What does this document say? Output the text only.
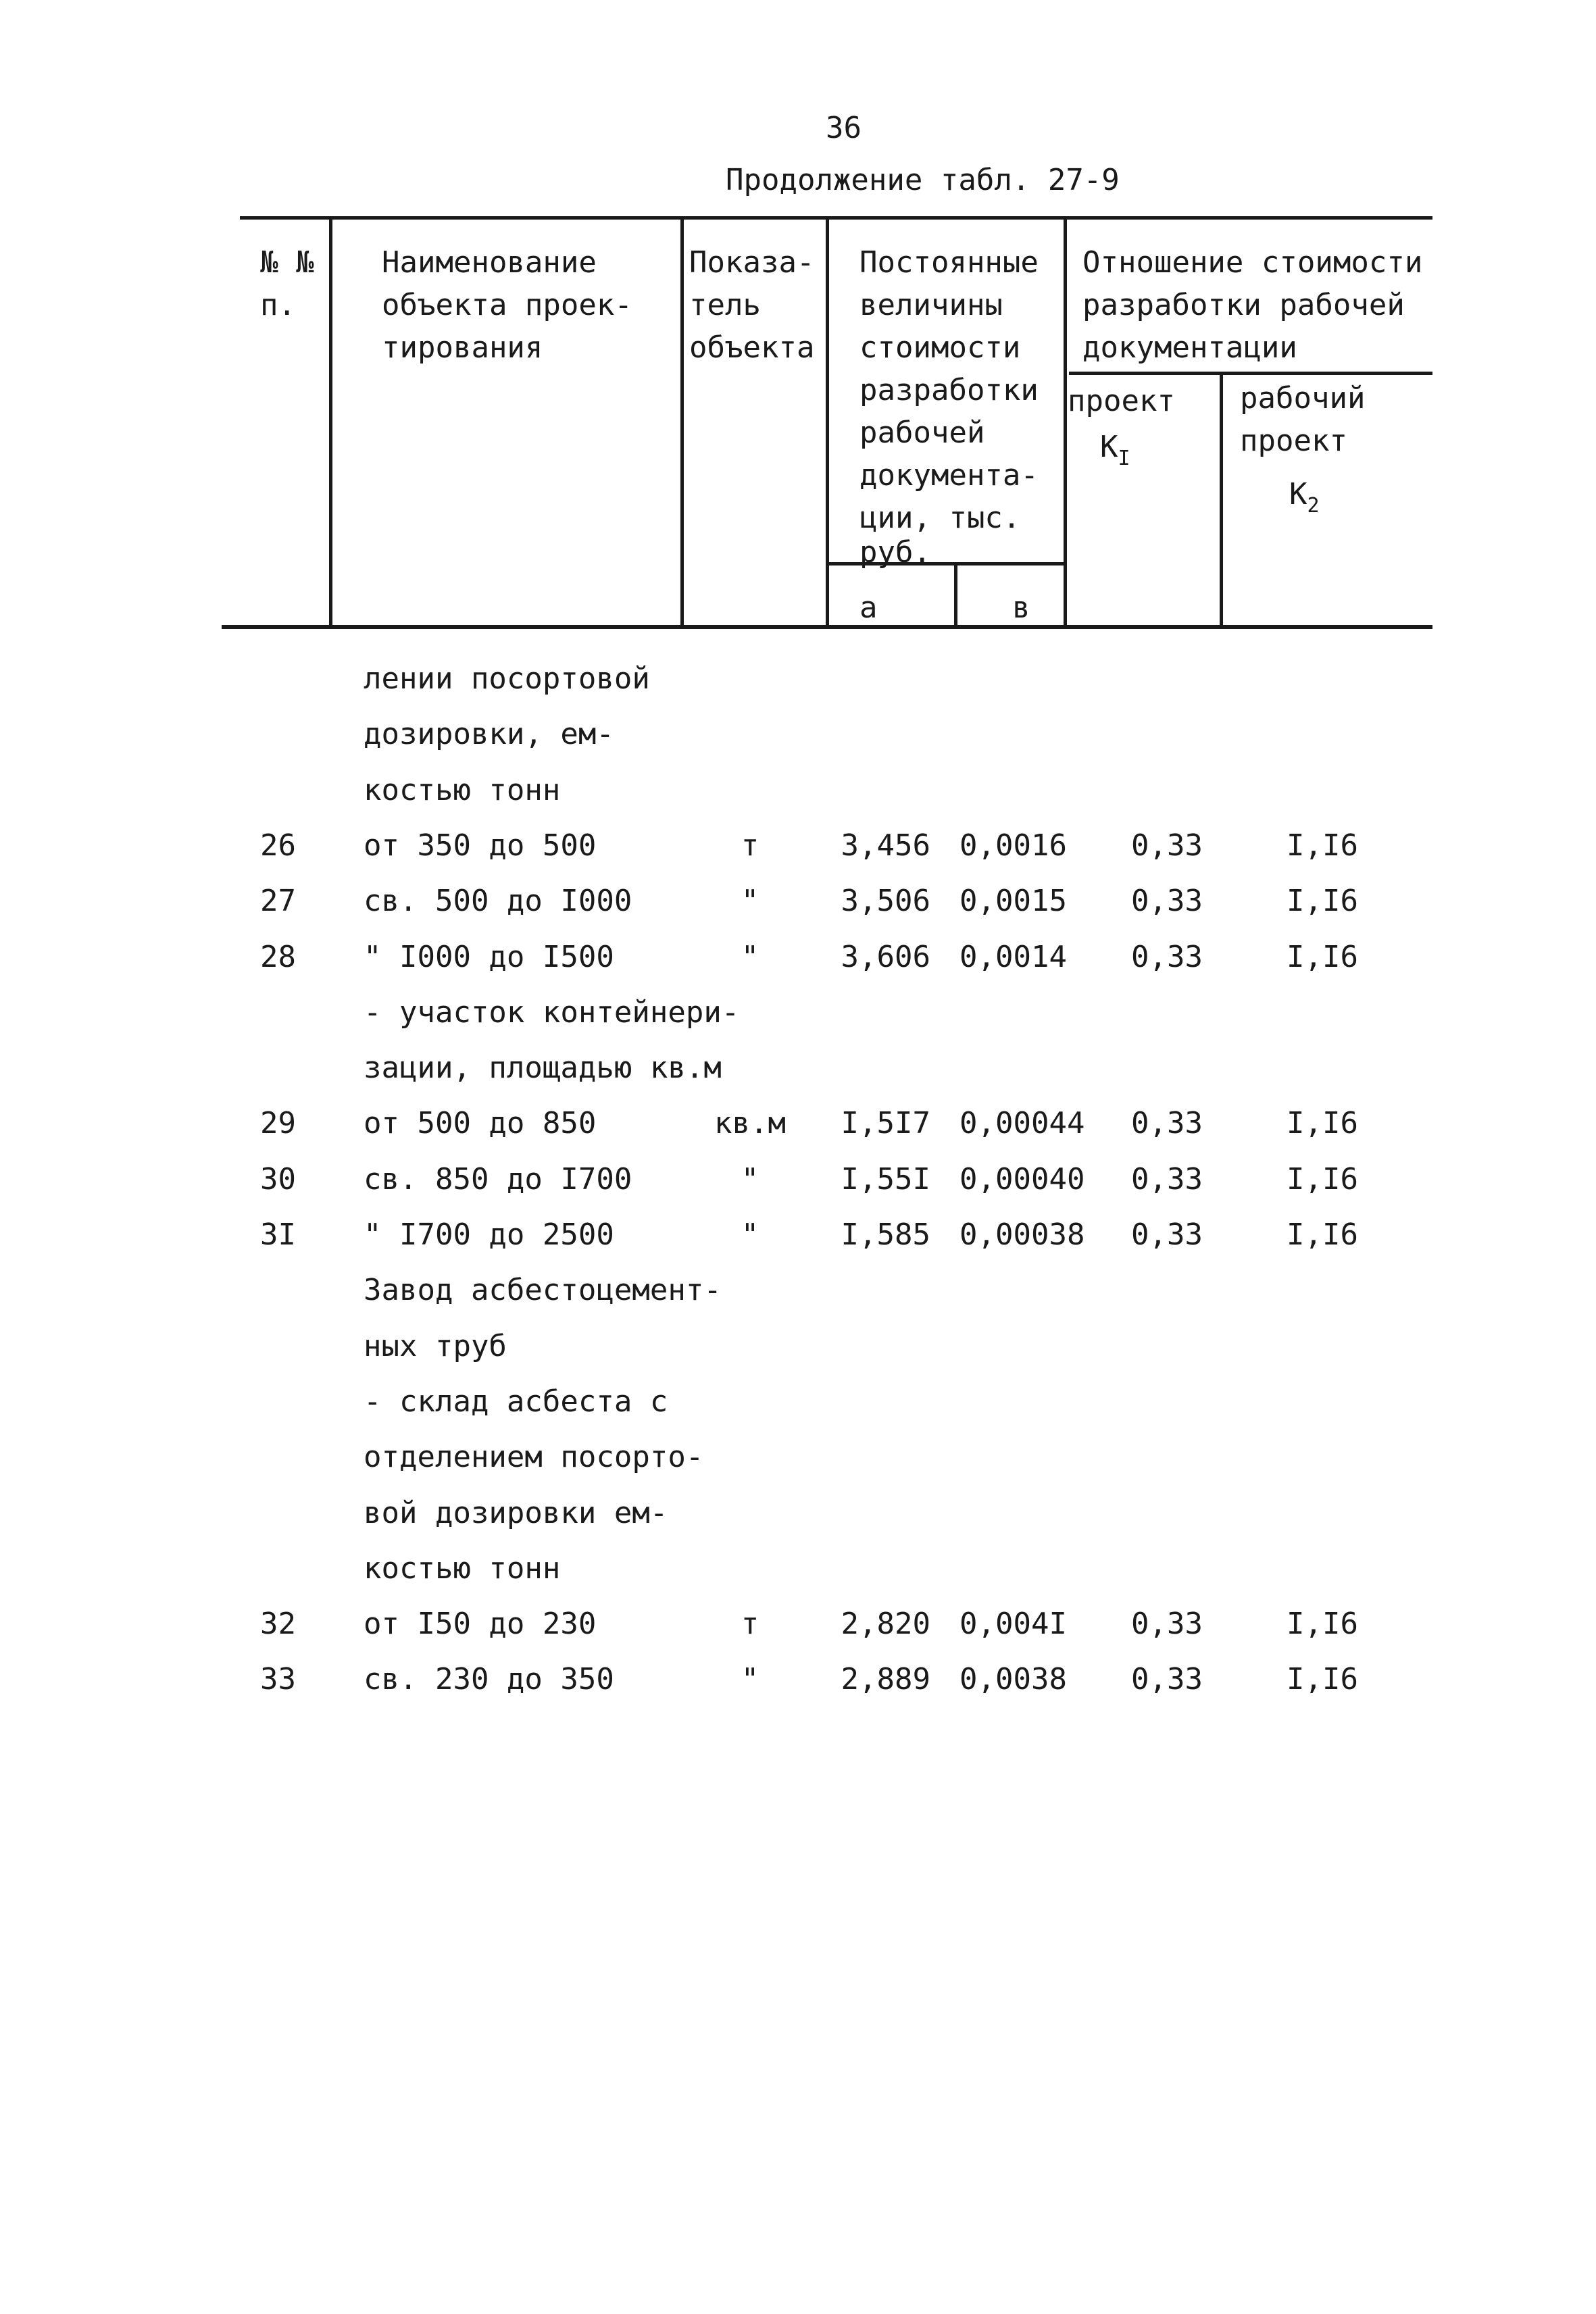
36
Продолжение табл. 27-9
№ №
п.
Наименование
объекта проек-
тирования
Показа-
тель
объекта
Постоянные
величины
стоимости
разработки
рабочей
документа-
ции, тыс.
руб.
а	в
Отношение стоимости
разработки рабочей
документации
проект
$К_I$
рабочий
проект
$К_2$
лении посортовой
дозировки, ем-
костью тонн
26	от 350 до 500	т	3,456 0,0016	0,33	I,I6
27	св. 500 до I000	"	3,506 0,0015	0,33	I,I6
28	" I000 до I500	"	3,606 0,0014	0,33	I,I6
- участок контейнери-
зации, площадью кв.м
29	от 500 до 850	кв.м	I,5I7 0,00044	0,33	I,I6
30	св. 850 до I700	"	I,55I 0,00040	0,33	I,I6
3I	" I700 до 2500	"	I,585 0,00038	0,33	I,I6
Завод асбестоцемент-
ных труб
- склад асбеста с
отделением посорто-
вой дозировки ем-
костью тонн
32	от I50 до 230	т	2,820 0,004I	0,33	I,I6
33	св. 230 до 350	"	2,889 0,0038	0,33	I,I6
